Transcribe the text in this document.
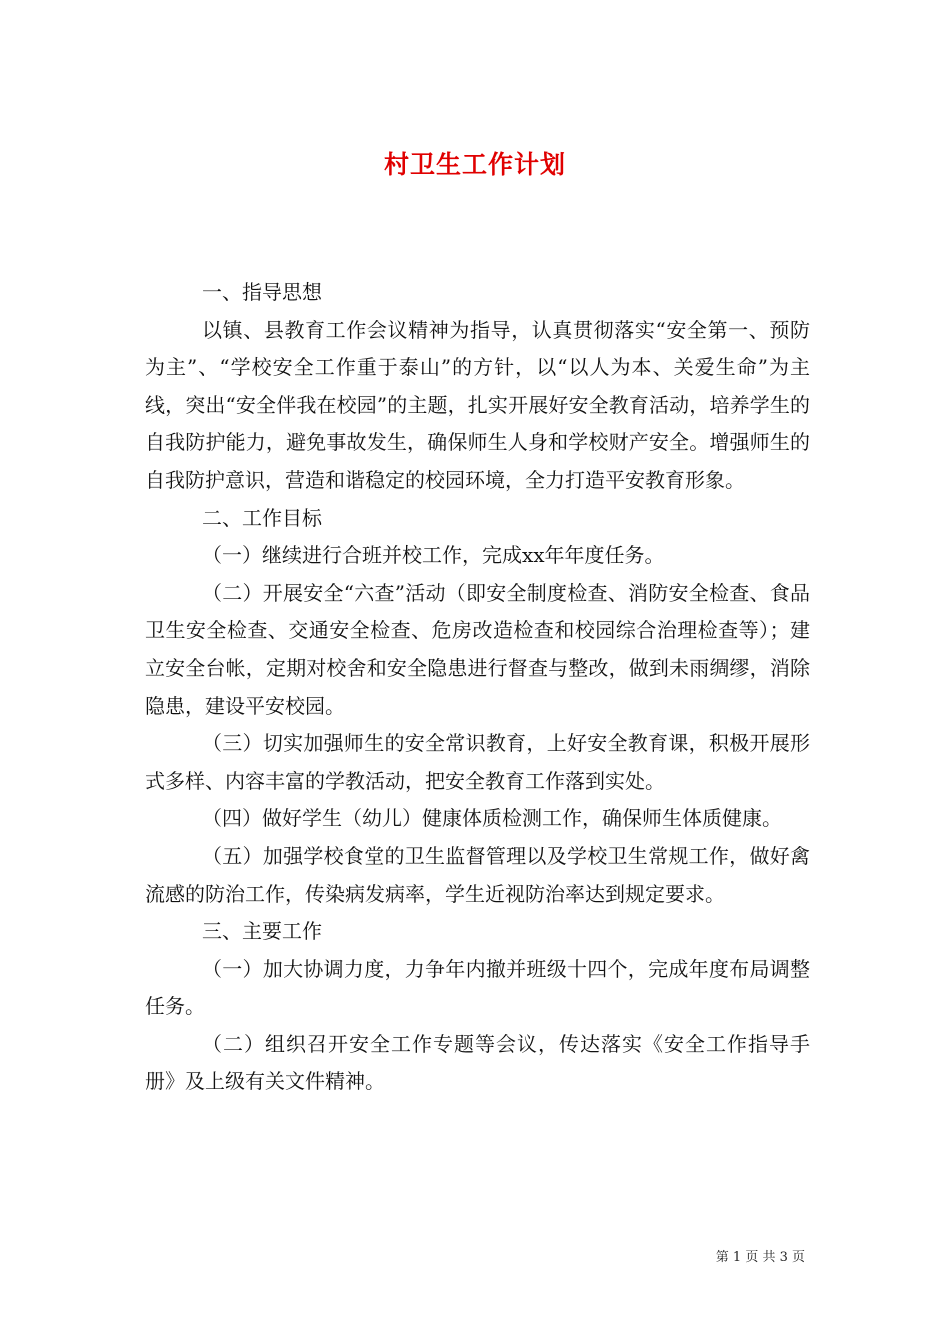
村卫生工作计划

一、指导思想

以镇、县教育工作会议精神为指导，认真贯彻落实“安全第一、预防为主”、“学校安全工作重于泰山”的方针，以“以人为本、关爱生命”为主线，突出“安全伴我在校园”的主题，扎实开展好安全教育活动，培养学生的自我防护能力，避免事故发生，确保师生人身和学校财产安全。增强师生的自我防护意识，营造和谐稳定的校园环境，全力打造平安教育形象。

二、工作目标

（一）继续进行合班并校工作，完成xx年年度任务。

（二）开展安全“六查”活动（即安全制度检查、消防安全检查、食品卫生安全检查、交通安全检查、危房改造检查和校园综合治理检查等）；建立安全台帐，定期对校舍和安全隐患进行督查与整改，做到未雨绸缪，消除隐患，建设平安校园。

（三）切实加强师生的安全常识教育，上好安全教育课，积极开展形式多样、内容丰富的学教活动，把安全教育工作落到实处。

（四）做好学生（幼儿）健康体质检测工作，确保师生体质健康。

（五）加强学校食堂的卫生监督管理以及学校卫生常规工作，做好禽流感的防治工作，传染病发病率，学生近视防治率达到规定要求。

三、主要工作

（一）加大协调力度，力争年内撤并班级十四个，完成年度布局调整任务。

（二）组织召开安全工作专题等会议，传达落实《安全工作指导手册》及上级有关文件精神。

第 1 页 共 3 页
